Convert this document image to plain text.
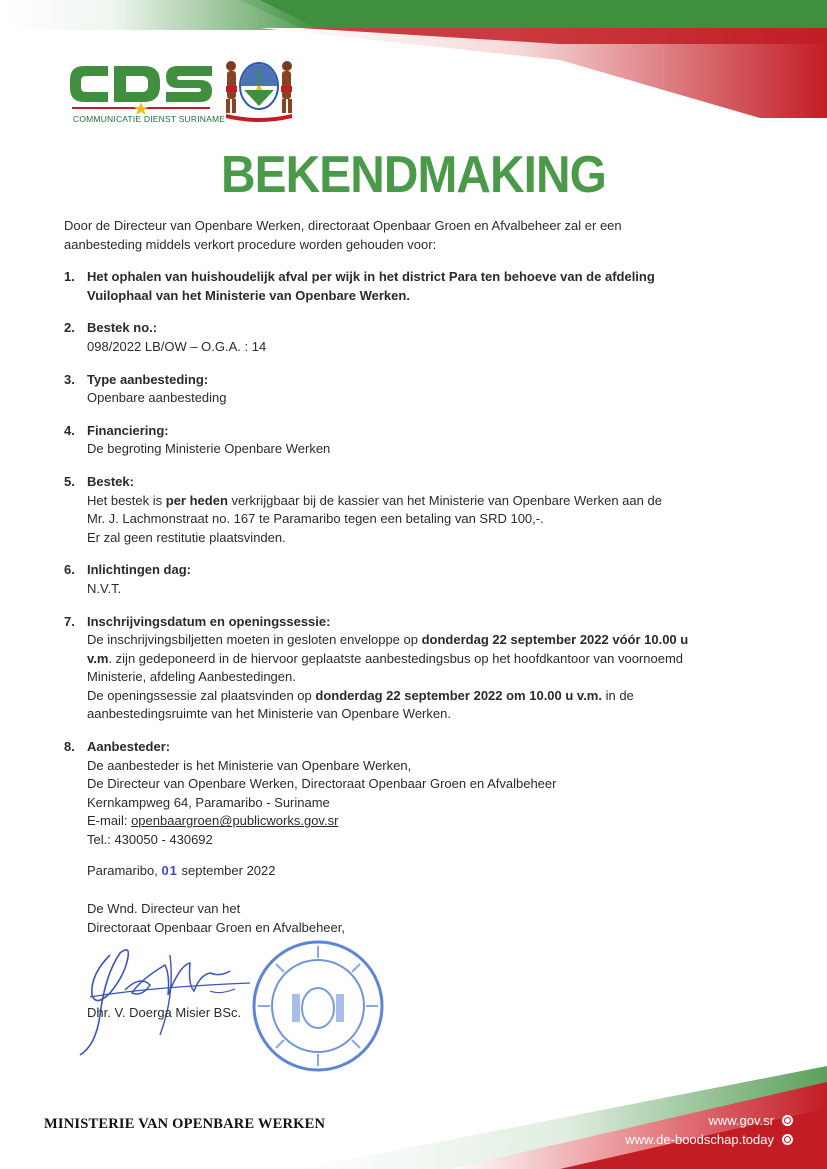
COMMUNICATIE DIENST SURINAME
BEKENDMAKING

Door de Directeur van Openbare Werken, directoraat Openbaar Groen en Afvalbeheer zal er een
aanbesteding middels verkort procedure worden gehouden voor:

1. Het ophalen van huishoudelijk afval per wijk in het district Para ten behoeve van de afdeling
Vuilophaal van het Ministerie van Openbare Werken.
2. Bestek no.:
098/2022 LB/OW – O.G.A. : 14
3. Type aanbesteding:
Openbare aanbesteding
4. Financiering:
De begroting Ministerie Openbare Werken
5. Bestek:
Het bestek is per heden verkrijgbaar bij de kassier van het Ministerie van Openbare Werken aan de
Mr. J. Lachmonstraat no. 167 te Paramaribo tegen een betaling van SRD 100,-.
Er zal geen restitutie plaatsvinden.
6. Inlichtingen dag:
N.V.T.
7. Inschrijvingsdatum en openingssessie:
De inschrijvingsbiljetten moeten in gesloten enveloppe op donderdag 22 september 2022 vóór 10.00 u
v.m. zijn gedeponeerd in de hiervoor geplaatste aanbestedingsbus op het hoofdkantoor van voornoemd
Ministerie, afdeling Aanbestedingen.
De openingssessie zal plaatsvinden op donderdag 22 september 2022 om 10.00 u v.m. in de
aanbestedingsruimte van het Ministerie van Openbare Werken.
8. Aanbesteder:
De aanbesteder is het Ministerie van Openbare Werken,
De Directeur van Openbare Werken, Directoraat Openbaar Groen en Afvalbeheer
Kernkampweg 64, Paramaribo - Suriname
E-mail: openbaargroen@publicworks.gov.sr
Tel.: 430050 - 430692
Paramaribo, 01 september 2022
De Wnd. Directeur van het
Directoraat Openbaar Groen en Afvalbeheer,
Dhr. V. Doerga Misier BSc.
MINISTERIE VAN OPENBARE WERKEN	www.gov.sr
www.de-boodschap.today
